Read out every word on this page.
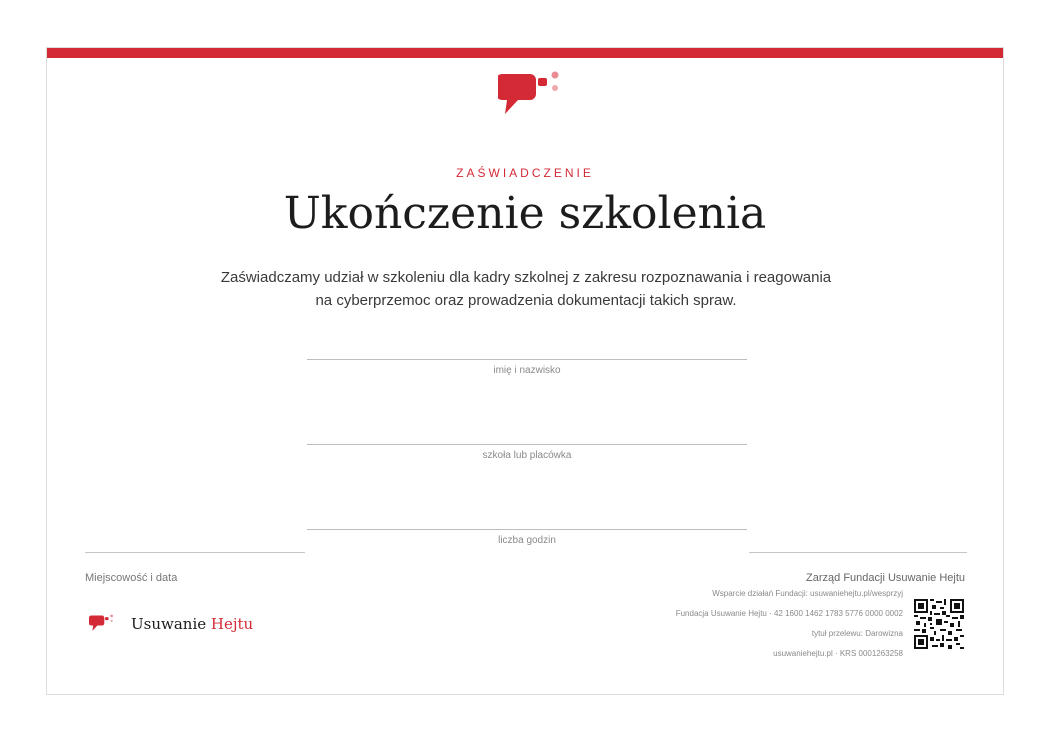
ZAŚWIADCZENIE
Ukończenie szkolenia
Zaświadczamy udział w szkoleniu dla kadry szkolnej z zakresu rozpoznawania i reagowania
na cyberprzemoc oraz prowadzenia dokumentacji takich spraw.
imię i nazwisko
szkoła lub placówka
liczba godzin
Miejscowość i data	Zarząd Fundacji Usuwanie Hejtu
Usuwanie Hejtu
Wsparcie działań Fundacji: usuwaniehejtu.pl/wesprzyj
Fundacja Usuwanie Hejtu · 42 1600 1462 1783 5776 0000 0002
tytuł przelewu: Darowizna
usuwaniehejtu.pl · KRS 0001263258
